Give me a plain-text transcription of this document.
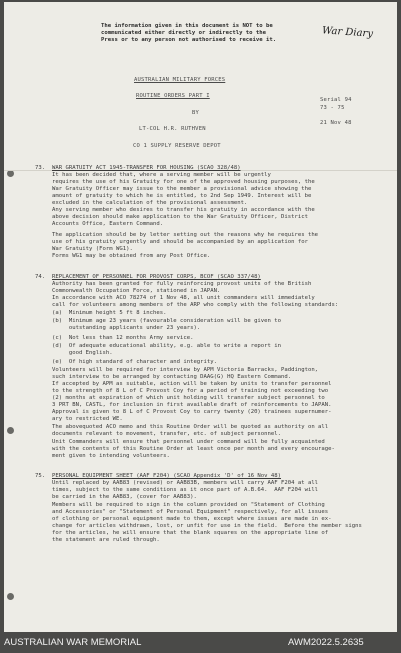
The information given in this document is NOT to be
communicated either directly or indirectly to the
Press or to any person not authorised to receive it.
War Diary
AUSTRALIAN MILITARY FORCES
ROUTINE ORDERS PART I
BY
LT-COL H.R. RUTHVEN
CO 1 SUPPLY RESERVE DEPOT
Serial 94
73 - 75
21 Nov 48
73. WAR GRATUITY ACT 1945-TRANSFER FOR HOUSING (SCAO 328/48)
It has been decided that, where a serving member will be urgently
requires the use of his Gratuity for one of the approved housing purposes, the
War Gratuity Officer may issue to the member a provisional advice showing the
amount of gratuity to which he is entitled, to 2nd Sep 1949. Interest will be
excluded in the calculation of the provisional assessment.
Any serving member who desires to transfer his gratuity in accordance with the
above decision should make application to the War Gratuity Officer, District
Accounts Office, Eastern Command.
The application should be by letter setting out the reasons why he requires the
use of his gratuity urgently and should be accompanied by an application for
War Gratuity (Form WG1).
Forms WG1 may be obtained from any Post Office.
74. REPLACEMENT OF PERSONNEL FOR PROVOST CORPS, BCOF (SCAO 337/48)
Authority has been granted for fully reinforcing provost units of the British
Commonwealth Occupation Force, stationed in JAPAN.
In accordance with ACO 78274 of 1 Nov 48, all unit commanders will immediately
call for volunteers among members of the ARP who comply with the following standards:
(a)  Minimum height 5 ft 8 inches.
(b)  Minimum age 23 years (favourable consideration will be given to
outstanding applicants under 23 years).
(c)  Not less than 12 months Army service.
(d)  Of adequate educational ability, e.g. able to write a report in
good English.
(e)  Of high standard of character and integrity.
Volunteers will be required for interview by APM Victoria Barracks, Paddington,
such interview to be arranged by contacting DAAG(G) HQ Eastern Command.
If accepted by APM as suitable, action will be taken by units to transfer personnel
to the strength of 8 L of C Provost Coy for a period of training not exceeding two
(2) months at expiration of which unit holding will transfer subject personnel to
3 PRT BN, CASTL, for inclusion in first available draft of reinforcements to JAPAN.
Approval is given to 8 L of C Provost Coy to carry twenty (20) trainees supernumer-
ary to restricted WE.
The abovequoted ACO memo and this Routine Order will be quoted as authority on all
documents relevant to movement, transfer, etc. of subject personnel.
Unit Commanders will ensure that personnel under command will be fully acquainted
with the contents of this Routine Order at least once per month and every encourage-
ment given to intending volunteers.
75. PERSONAL EQUIPMENT SHEET (AAF F204) (SCAO Appendix 'D' of 16 Nov 48)
Until replaced by AAB83 (revised) or AAB83B, members will carry AAF F204 at all
times, subject to the same conditions as it once part of A.B.64.  AAF F204 will
be carried in the AAB83, (cover for AAB83).
Members will be required to sign in the column provided on "Statement of Clothing
and Accessories" or "Statement of Personal Equipment" respectively, for all issues
of clothing or personal equipment made to them, except where issues are made in ex-
change for articles withdrawn, lost, or unfit for use in the field.  Before the member signs
for the articles, he will ensure that the blank squares on the appropriate line of
the statement are ruled through.
AUSTRALIAN WAR MEMORIAL	AWM2022.5.2635
